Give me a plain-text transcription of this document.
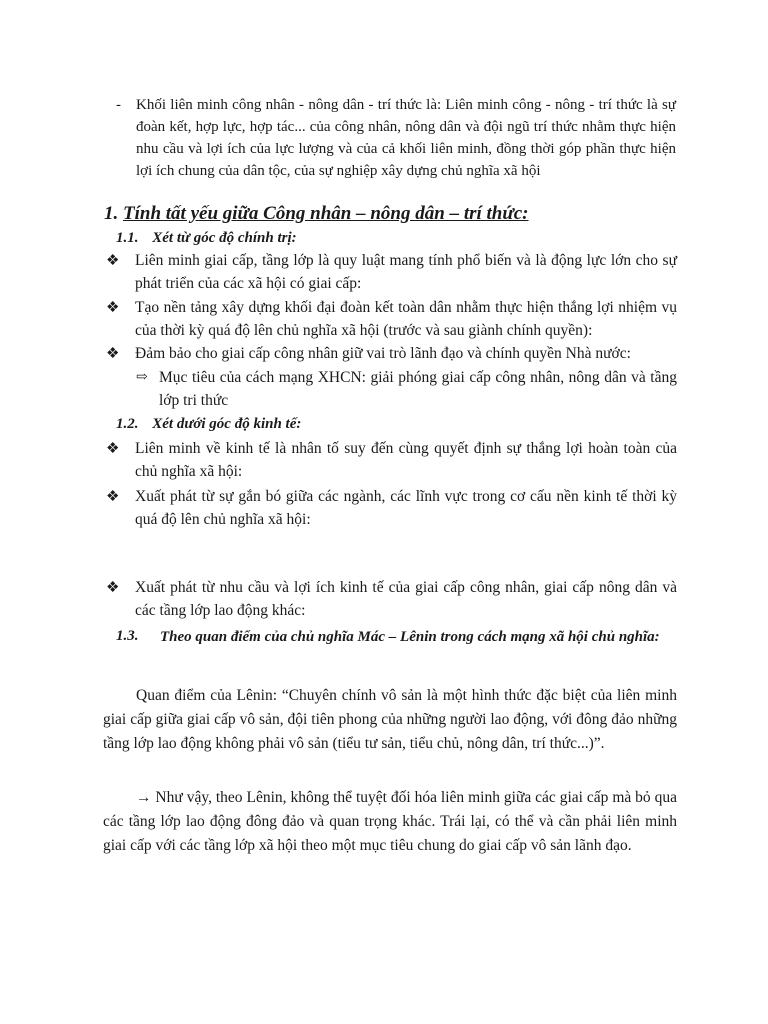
- Khối liên minh công nhân - nông dân - trí thức là: Liên minh công - nông - trí thức là sự đoàn kết, hợp lực, hợp tác... của công nhân, nông dân và đội ngũ trí thức nhằm thực hiện nhu cầu và lợi ích của lực lượng và của cả khối liên minh, đồng thời góp phần thực hiện lợi ích chung của dân tộc, của sự nghiệp xây dựng chủ nghĩa xã hội

1. Tính tất yếu giữa Công nhân – nông dân – trí thức:
1.1. Xét từ góc độ chính trị:
❖ Liên minh giai cấp, tầng lớp là quy luật mang tính phổ biến và là động lực lớn cho sự phát triển của các xã hội có giai cấp:

❖ Tạo nền tảng xây dựng khối đại đoàn kết toàn dân nhằm thực hiện thắng lợi nhiệm vụ của thời kỳ quá độ lên chủ nghĩa xã hội (trước và sau giành chính quyền):

❖ Đảm bảo cho giai cấp công nhân giữ vai trò lãnh đạo và chính quyền Nhà nước:

⇨ Mục tiêu của cách mạng XHCN: giải phóng giai cấp công nhân, nông dân và tầng lớp tri thức

1.2. Xét dưới góc độ kinh tế:
❖ Liên minh về kinh tế là nhân tố suy đến cùng quyết định sự thắng lợi hoàn toàn của chủ nghĩa xã hội:

❖ Xuất phát từ sự gắn bó giữa các ngành, các lĩnh vực trong cơ cấu nền kinh tế thời kỳ quá độ lên chủ nghĩa xã hội:

❖ Xuất phát từ nhu cầu và lợi ích kinh tế của giai cấp công nhân, giai cấp nông dân và các tầng lớp lao động khác:

1.3. Theo quan điểm của chủ nghĩa Mác – Lênin trong cách mạng xã hội chủ nghĩa:

Quan điểm của Lênin: “Chuyên chính vô sản là một hình thức đặc biệt của liên minh giai cấp giữa giai cấp vô sản, đội tiên phong của những người lao động, với đông đảo những tầng lớp lao động không phải vô sản (tiểu tư sản, tiểu chủ, nông dân, trí thức...)”.

→ Như vậy, theo Lênin, không thể tuyệt đối hóa liên minh giữa các giai cấp mà bỏ qua các tầng lớp lao động đông đảo và quan trọng khác. Trái lại, có thể và cần phải liên minh giai cấp với các tầng lớp xã hội theo một mục tiêu chung do giai cấp vô sản lãnh đạo.
